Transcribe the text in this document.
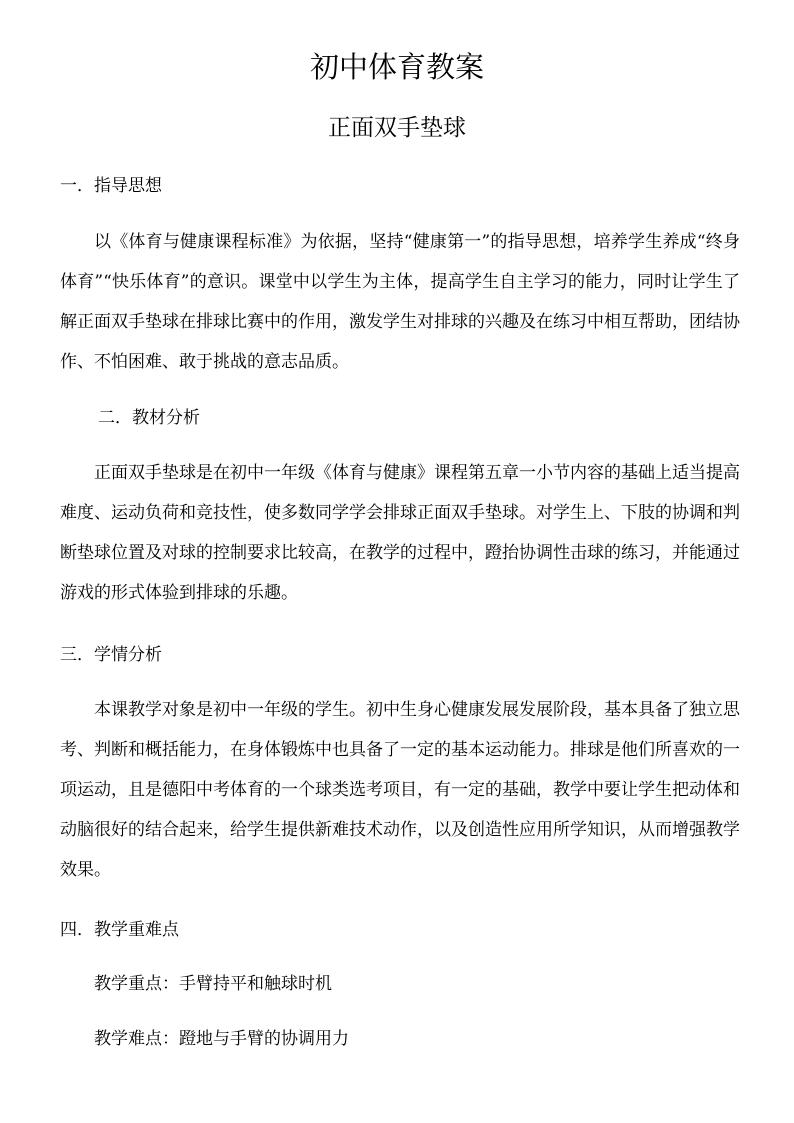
初中体育教案
正面双手垫球
一．指导思想
以《体育与健康课程标准》为依据，坚持“健康第一”的指导思想，培养学生养成“终身体育”“快乐体育”的意识。课堂中以学生为主体，提高学生自主学习的能力，同时让学生了解正面双手垫球在排球比赛中的作用，激发学生对排球的兴趣及在练习中相互帮助，团结协作、不怕困难、敢于挑战的意志品质。
二．教材分析
正面双手垫球是在初中一年级《体育与健康》课程第五章一小节内容的基础上适当提高难度、运动负荷和竞技性，使多数同学学会排球正面双手垫球。对学生上、下肢的协调和判断垫球位置及对球的控制要求比较高，在教学的过程中，蹬抬协调性击球的练习，并能通过游戏的形式体验到排球的乐趣。
三．学情分析
本课教学对象是初中一年级的学生。初中生身心健康发展发展阶段，基本具备了独立思考、判断和概括能力，在身体锻炼中也具备了一定的基本运动能力。排球是他们所喜欢的一项运动，且是德阳中考体育的一个球类选考项目，有一定的基础，教学中要让学生把动体和动脑很好的结合起来，给学生提供新难技术动作，以及创造性应用所学知识，从而增强教学效果。
四．教学重难点
教学重点：手臂持平和触球时机
教学难点：蹬地与手臂的协调用力
